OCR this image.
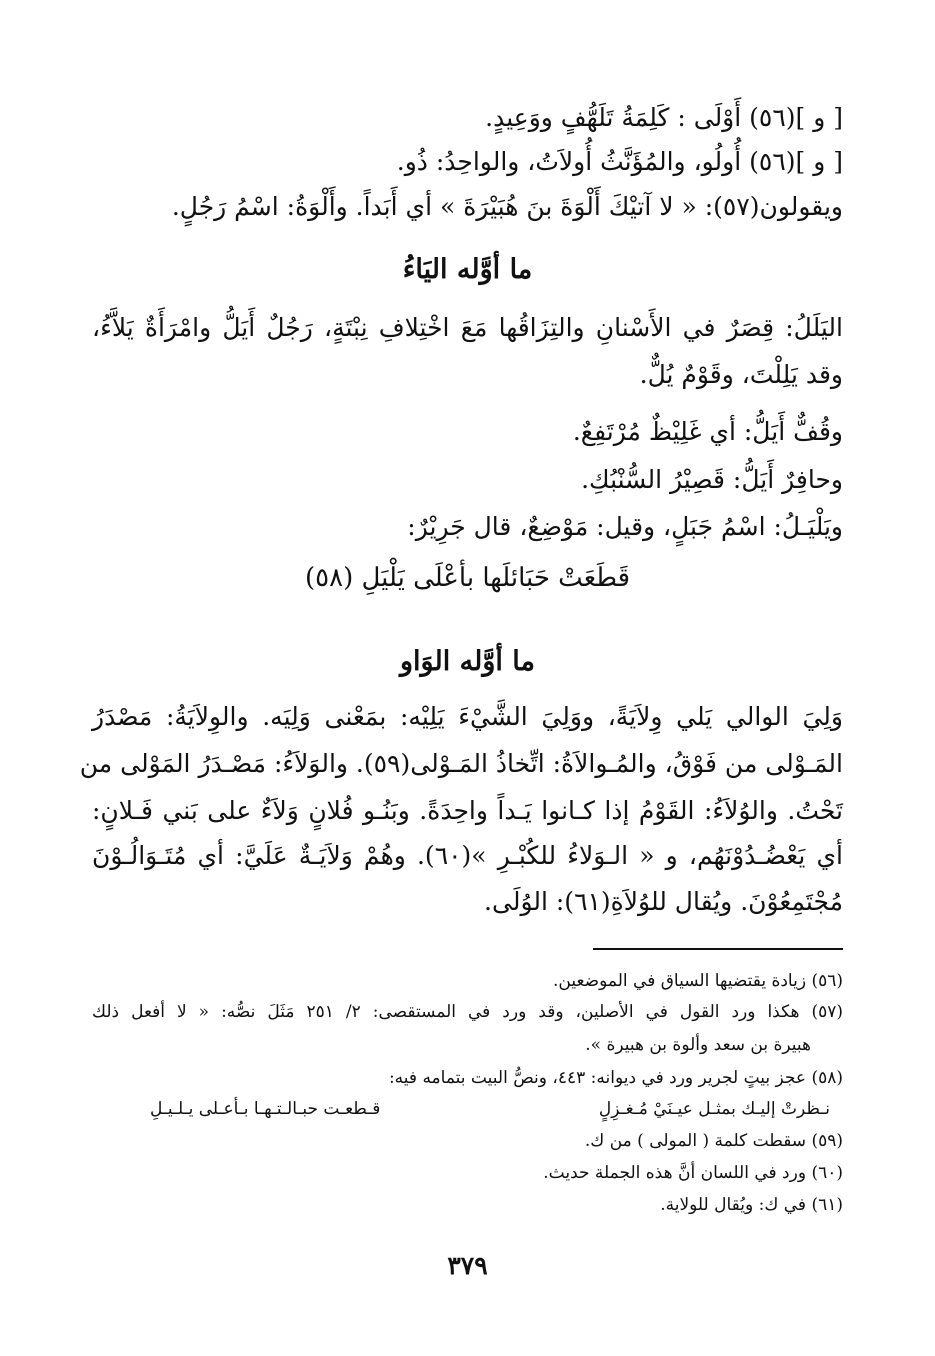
[ و ](٥٦) أَوْلَى : كَلِمَةُ تَلَهُّفٍ ووَعِيدٍ.
[ و ](٥٦) أُولُو، والمُؤَنَّثُ أُولاَتُ، والواحِدُ: ذُو.
ويقولون(٥٧): « لا آتيْكَ أَلْوَةَ بنَ هُبَيْرَةَ » أي أَبَداً. وأَلْوَةُ: اسْمُ رَجُلٍ.
ما أوَّله اليَاءُ
اليَلَلُ: قِصَرٌ في الأَسْنانِ والتِزَاقُها مَعَ اخْتِلافِ نِبْتَةٍ، رَجُلٌ أَيَلُّ وامْرَأَةٌ يَلاَّءُ،
وقد يَلِلْتَ، وقَوْمٌ يُلٌّ.
وقُفٌّ أَيَلُّ: أي غَلِيْظٌ مُرْتَفِعٌ.
وحافِرٌ أَيَلُّ: قَصِيْرُ السُّنْبُكِ.
ويَلْيَـلُ: اسْمُ جَبَلٍ، وقيل: مَوْضِعٌ، قال جَرِيْرٌ:
قَطَعَتْ حَبَائلَها بأعْلَى يَلْيَلِ (٥٨)
ما أوَّله الوَاو
وَلِيَ الوالي يَلي وِلاَيَةً، ووَلِيَ الشَّيْءَ يَلِيْه: بمَعْنى وَلِيَه. والوِلاَيَةُ: مَصْدَرُ
المَـوْلى من فَوْقُ، والمُـوالاَةُ: اتِّخاذُ المَـوْلى(٥٩). والوَلاَءُ: مَصْـدَرُ المَوْلى من
تَحْتُ. والوُلاَءُ: القَوْمُ إذا كـانوا يَـداً واحِدَةً. وبَنُـو فُلانٍ وَلاَءٌ على بَني فَـلانٍ:
أي يَعْضُـدُوْنَهُم، و « الـوَلاءُ للكُبْـرِ »(٦٠). وهُمْ وَلاَيَـةٌ عَلَيَّ: أي مُتَـوَالُـوْنَ
مُجْتَمِعُوْنَ. ويُقال للوُلاَةِ(٦١): الوُلَى.
(٥٦) زيادة يقتضيها السياق في الموضعين.
(٥٧) هكذا ورد القول في الأصلين، وقد ورد في المستقصى: ٢/ ٢٥١ مَثَلَ نصُّه: « لا أفعل ذلك
هبيرة بن سعد وألوة بن هبيرة ».
(٥٨) عجز بيتٍ لجرير ورد في ديوانه: ٤٤٣، ونصُّ البيت بتمامه فيه:
نـظرتْ إليـك بمثـل عيـنَيْ مُـغـزِلٍ
قـطعـت حبـالـتـهـا بـأعـلى يـلـيـلِ
(٥٩) سقطت كلمة ( المولى ) من ك.
(٦٠) ورد في اللسان أنَّ هذه الجملة حديث.
(٦١) في ك: ويُقال للولاية.
٣٧٩
